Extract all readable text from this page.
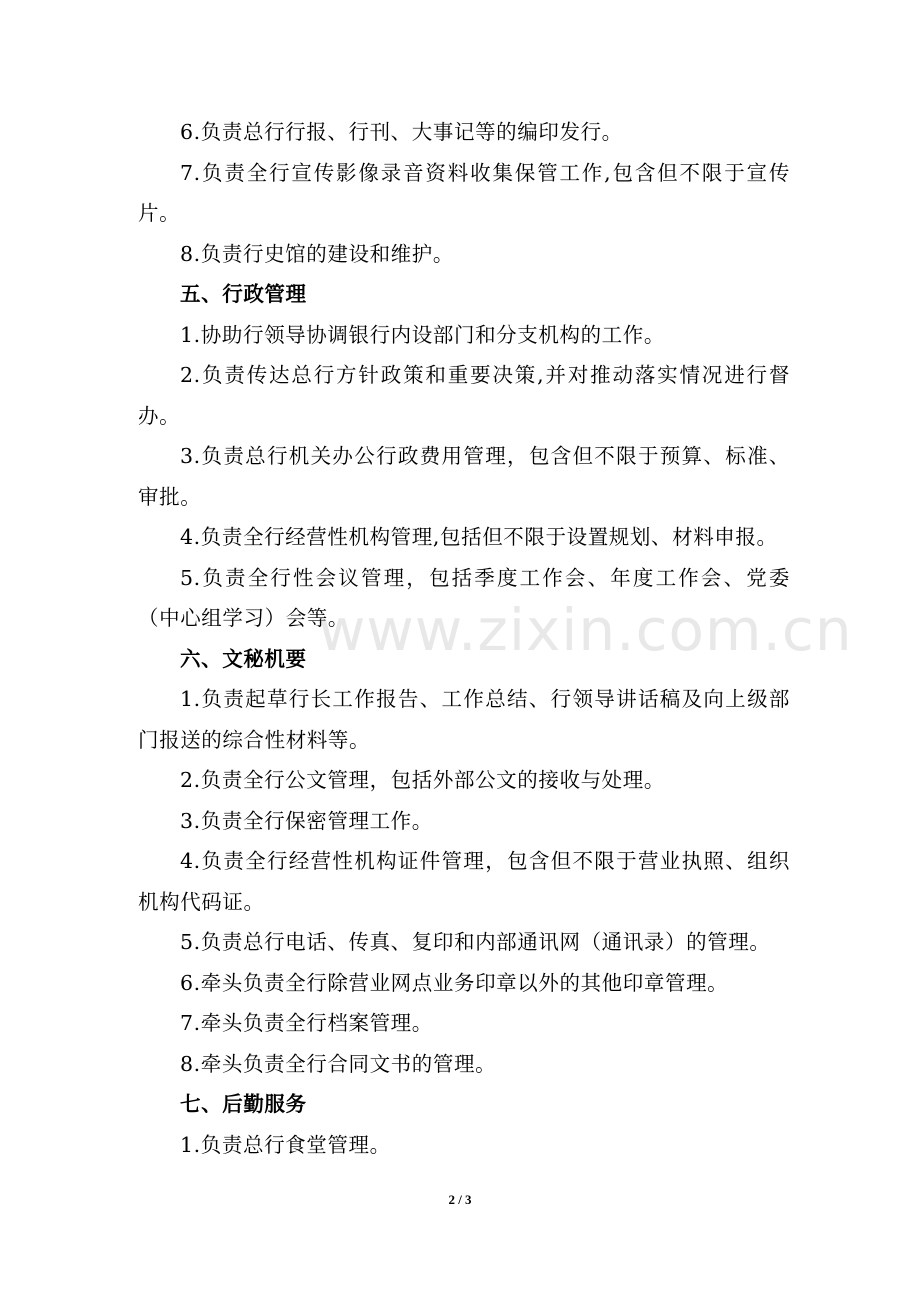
6.负责总行行报、行刊、大事记等的编印发行。

7.负责全行宣传影像录音资料收集保管工作,包含但不限于宣传片。

8.负责行史馆的建设和维护。

五、行政管理

1.协助行领导协调银行内设部门和分支机构的工作。

2.负责传达总行方针政策和重要决策,并对推动落实情况进行督办。

3.负责总行机关办公行政费用管理，包含但不限于预算、标准、审批。

4.负责全行经营性机构管理,包括但不限于设置规划、材料申报。

5.负责全行性会议管理，包括季度工作会、年度工作会、党委（中心组学习）会等。

六、文秘机要

1.负责起草行长工作报告、工作总结、行领导讲话稿及向上级部门报送的综合性材料等。

2.负责全行公文管理，包括外部公文的接收与处理。

3.负责全行保密管理工作。

4.负责全行经营性机构证件管理，包含但不限于营业执照、组织机构代码证。

5.负责总行电话、传真、复印和内部通讯网（通讯录）的管理。

6.牵头负责全行除营业网点业务印章以外的其他印章管理。

7.牵头负责全行档案管理。

8.牵头负责全行合同文书的管理。

七、后勤服务

1.负责总行食堂管理。

www.zixin.com.cn
2 / 3
